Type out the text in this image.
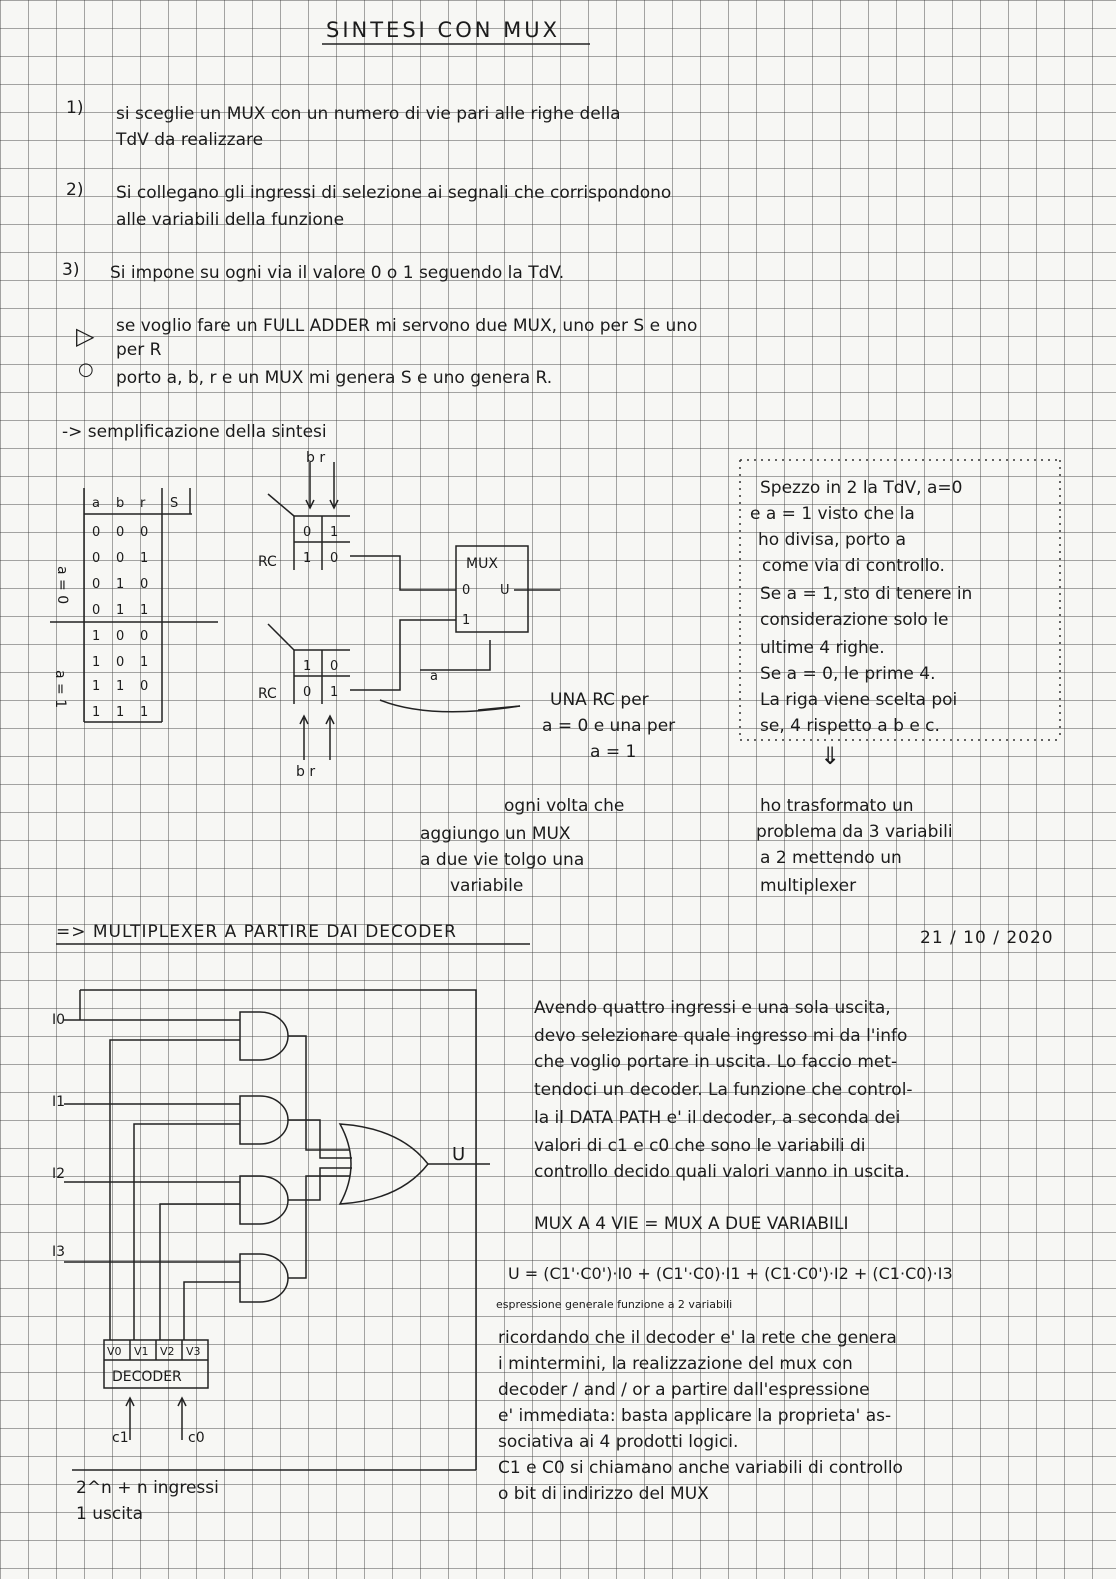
SINTESI CON MUX
1) si sceglie un MUX con un numero di vie pari alle righe della
TdV da realizzare
2) Si collegano gli ingressi di selezione ai segnali che corrispondono
alle variabili della funzione
3) Si impone su ogni via il valore 0 o 1 seguendo la TdV.
▷
○
se voglio fare un FULL ADDER mi servono due MUX, uno per S e uno
per R
porto a, b, r e un MUX mi genera S e uno genera R.
-> semplificazione della sintesi
a b r S
0 0 0
0 0 1
0 1 0
0 1 1
1 0 0
1 0 1
1 1 0
1 1 1
a = 0
a = 1
b r
0 1
1 0
RC
1 0
0 1
RC
b r
MUX
0
1
U
a
I0
I1
I2
I3
U
V0 V1 V2 V3
DECODER
c1	c0
UNA RC per
a = 0 e una per
a = 1
Spezzo in 2 la TdV, a=0
e a = 1 visto che la
ho divisa, porto a
come via di controllo.
Se a = 1, sto di tenere in
considerazione solo le
ultime 4 righe.
Se a = 0, le prime 4.
La riga viene scelta poi
se, 4 rispetto a b e c.
⇓
ho trasformato un
problema da 3 variabili
a 2 mettendo un
multiplexer
ogni volta che
aggiungo un MUX
a due vie tolgo una
variabile
=> MULTIPLEXER A PARTIRE DAI DECODER	21 / 10 / 2020
Avendo quattro ingressi e una sola uscita,
devo selezionare quale ingresso mi da l'info
che voglio portare in uscita. Lo faccio met-
tendoci un decoder. La funzione che control-
la il DATA PATH e' il decoder, a seconda dei
valori di c1 e c0 che sono le variabili di
controllo decido quali valori vanno in uscita.
MUX A 4 VIE = MUX A DUE VARIABILI
U = (C1'·C0')·I0 + (C1'·C0)·I1 + (C1·C0')·I2 + (C1·C0)·I3
espressione generale funzione a 2 variabili
ricordando che il decoder e' la rete che genera
i mintermini, la realizzazione del mux con
decoder / and / or a partire dall'espressione
e' immediata: basta applicare la proprieta' as-
sociativa ai 4 prodotti logici.
C1 e C0 si chiamano anche variabili di controllo
o bit di indirizzo del MUX
2^n + n ingressi
1 uscita
